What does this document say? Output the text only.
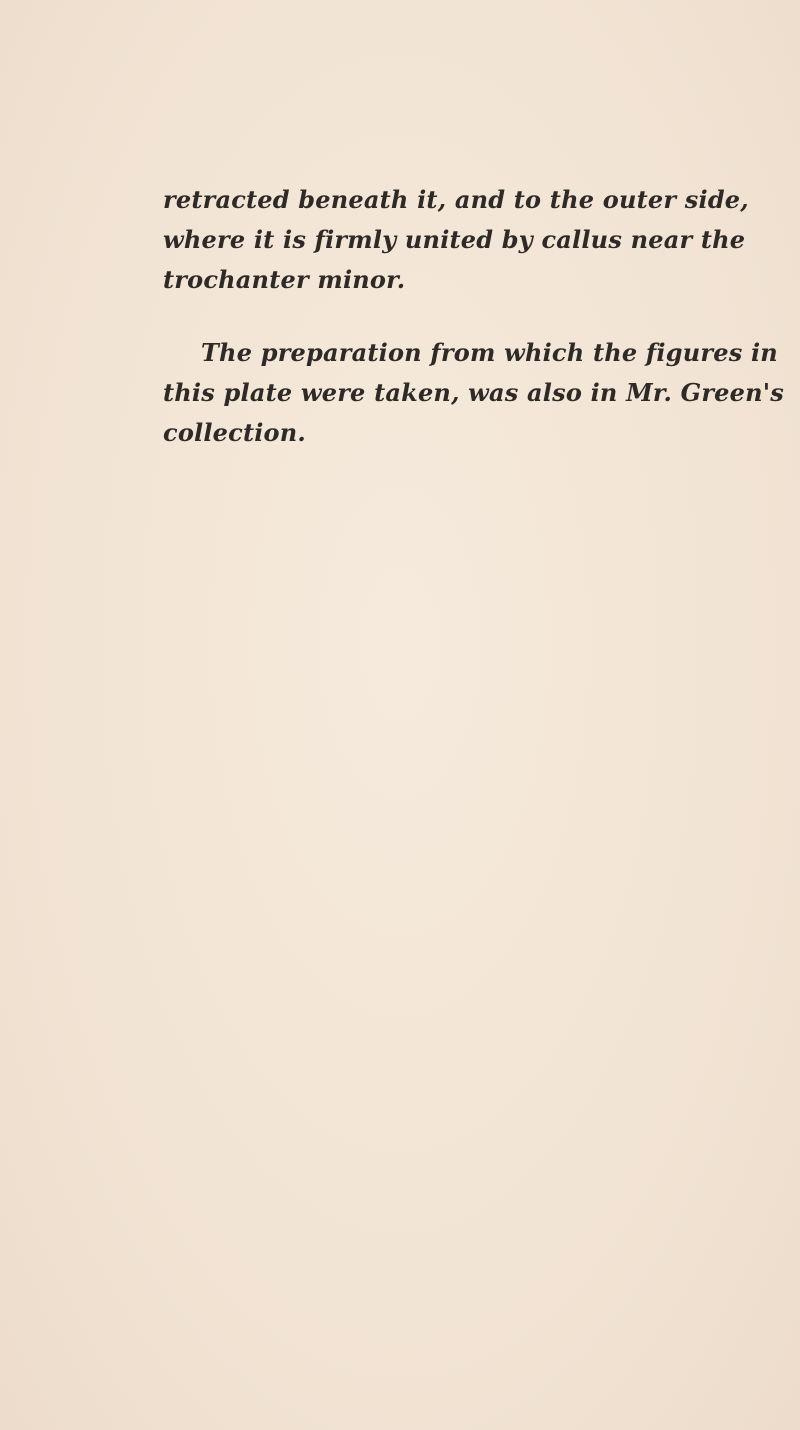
retracted beneath it, and to the outer side,
where it is firmly united by callus near the
trochanter minor.

The preparation from which the figures in
this plate were taken, was also in Mr. Green's
collection.
